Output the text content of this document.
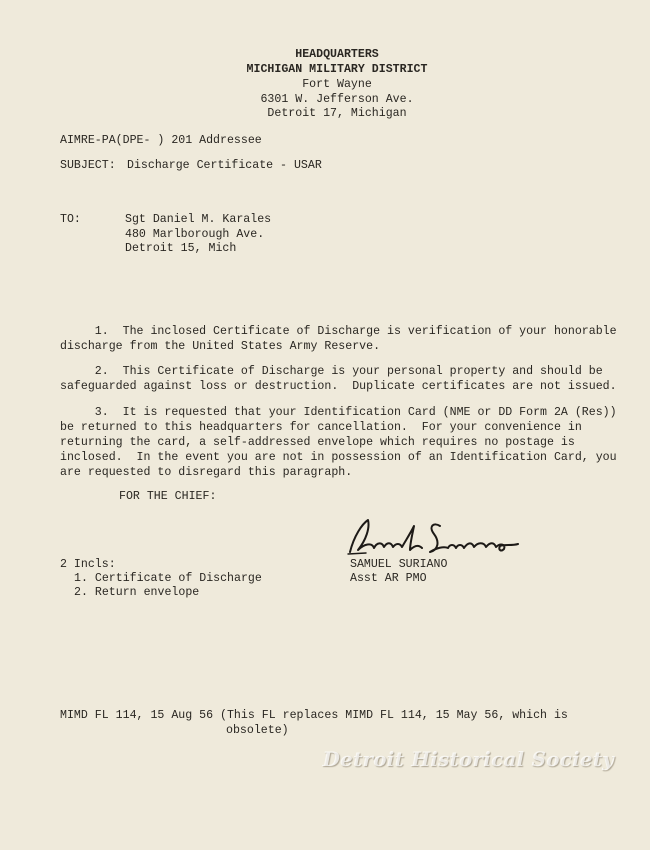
HEADQUARTERS
MICHIGAN MILITARY DISTRICT
Fort Wayne
6301 W. Jefferson Ave.
Detroit 17, Michigan
AIMRE-PA(DPE- ) 201 Addressee
SUBJECT: Discharge Certificate - USAR
TO:	Sgt Daniel M. Karales
480 Marlborough Ave.
Detroit 15, Mich
1.  The inclosed Certificate of Discharge is verification of your honorable
discharge from the United States Army Reserve.
2.  This Certificate of Discharge is your personal property and should be
safeguarded against loss or destruction.  Duplicate certificates are not issued.
3.  It is requested that your Identification Card (NME or DD Form 2A (Res))
be returned to this headquarters for cancellation.  For your convenience in
returning the card, a self-addressed envelope which requires no postage is
inclosed.  In the event you are not in possession of an Identification Card, you
are requested to disregard this paragraph.
FOR THE CHIEF:
2 Incls:
1. Certificate of Discharge
2. Return envelope
SAMUEL SURIANO
Asst AR PMO
MIMD FL 114, 15 Aug 56 (This FL replaces MIMD FL 114, 15 May 56, which is
obsolete)
Detroit Historical Society
